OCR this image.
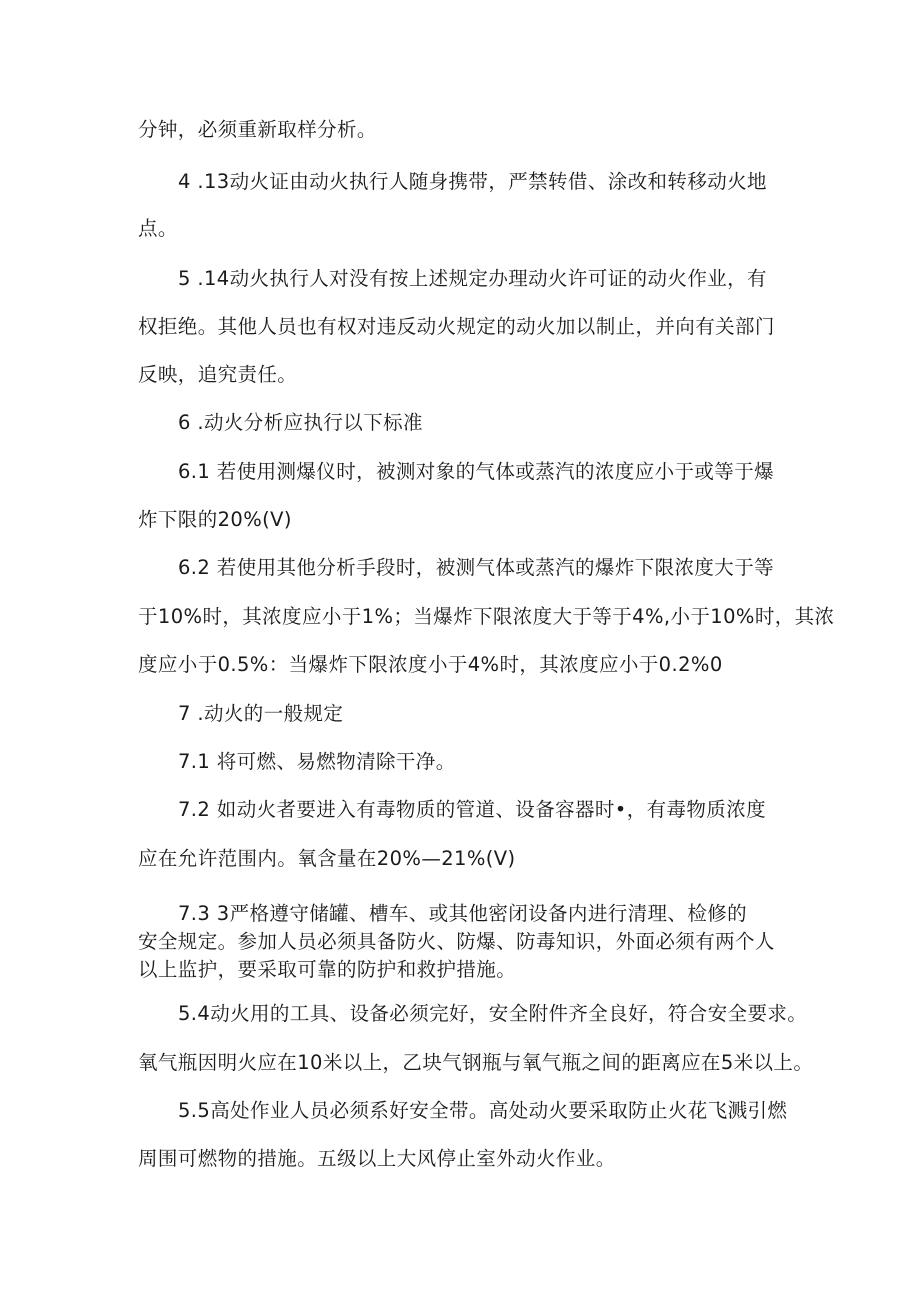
分钟，必须重新取样分析。

4 .13动火证由动火执行人随身携带，严禁转借、涂改和转移动火地

点。

5 .14动火执行人对没有按上述规定办理动火许可证的动火作业，有

权拒绝。其他人员也有权对违反动火规定的动火加以制止，并向有关部门

反映，追究责任。

6 .动火分析应执行以下标准

6.1 若使用测爆仪时，被测对象的气体或蒸汽的浓度应小于或等于爆

炸下限的20%(V)

6.2 若使用其他分析手段时，被测气体或蒸汽的爆炸下限浓度大于等

于10%时，其浓度应小于1%；当爆炸下限浓度大于等于4%,小于10%时，其浓

度应小于0.5%：当爆炸下限浓度小于4%时，其浓度应小于0.2%0

7 .动火的一般规定

7.1 将可燃、易燃物清除干净。

7.2 如动火者要进入有毒物质的管道、设备容器时•，有毒物质浓度

应在允许范围内。氧含量在20%—21%(V)

7.3 3严格遵守储罐、槽车、或其他密闭设备内进行清理、检修的

安全规定。参加人员必须具备防火、防爆、防毒知识，外面必须有两个人

以上监护，要采取可靠的防护和救护措施。

5.4动火用的工具、设备必须完好，安全附件齐全良好，符合安全要求。

氧气瓶因明火应在10米以上，乙块气钢瓶与氧气瓶之间的距离应在5米以上。

5.5高处作业人员必须系好安全带。高处动火要采取防止火花飞溅引燃

周围可燃物的措施。五级以上大风停止室外动火作业。
